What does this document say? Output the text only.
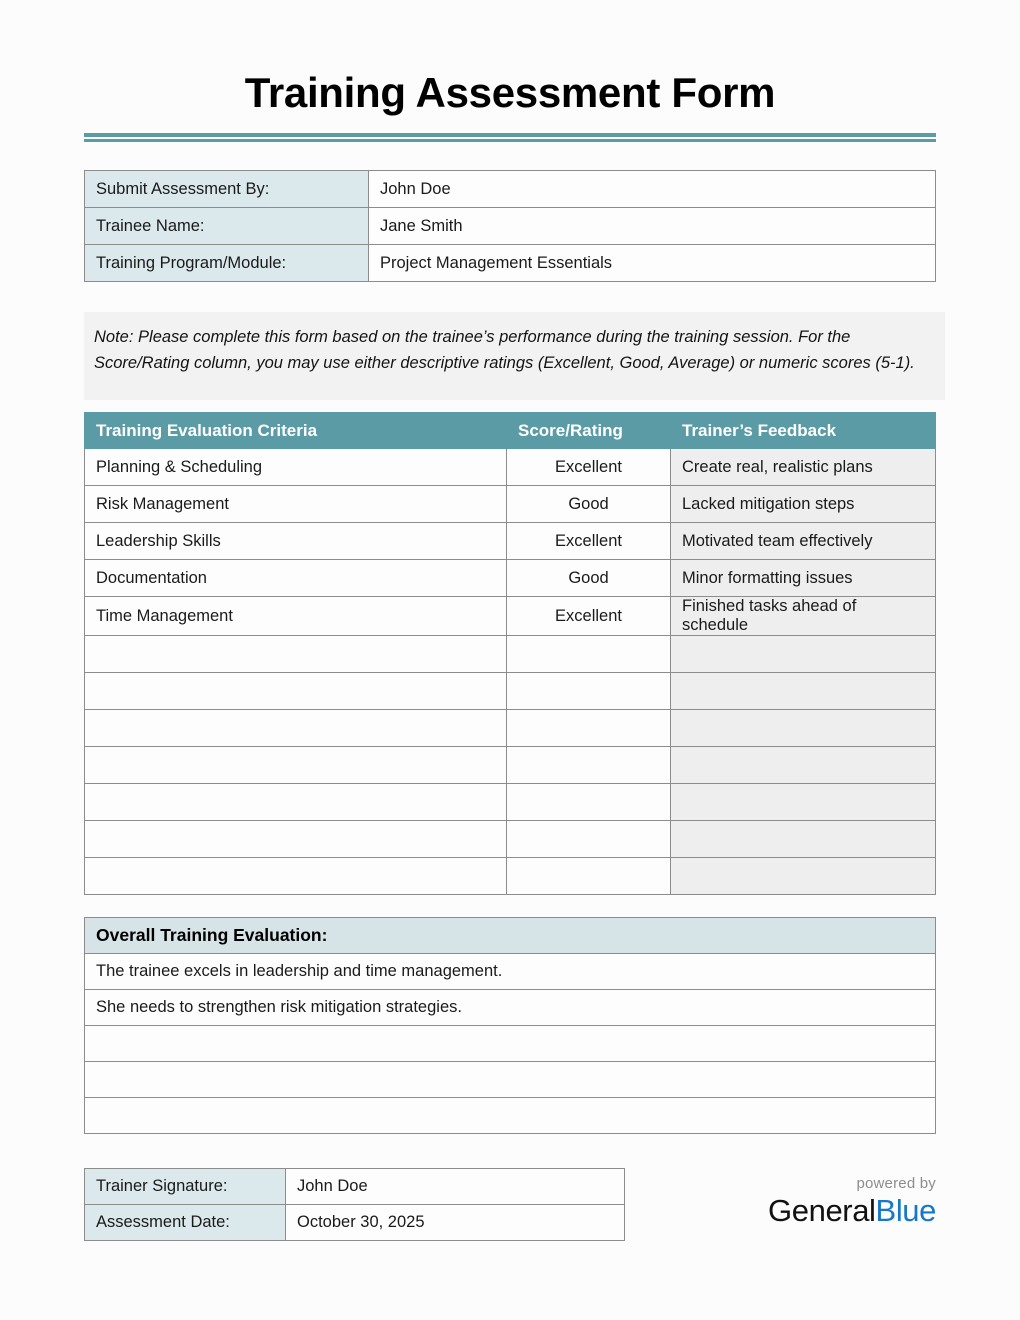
Training Assessment Form
Submit Assessment By:	John Doe
Trainee Name:	Jane Smith
Training Program/Module:	Project Management Essentials
Note: Please complete this form based on the trainee’s performance during the training session. For the Score/Rating column, you may use either descriptive ratings (Excellent, Good, Average) or numeric scores (5-1).
Training Evaluation Criteria	Score/Rating	Trainer’s Feedback
Planning & Scheduling	Excellent	Create real, realistic plans
Risk Management	Good	Lacked mitigation steps
Leadership Skills	Excellent	Motivated team effectively
Documentation	Good	Minor formatting issues
Time Management	Excellent	Finished tasks ahead of schedule

Overall Training Evaluation:
The trainee excels in leadership and time management.
She needs to strengthen risk mitigation strategies.

Trainer Signature:	John Doe
Assessment Date:	October 30, 2025
powered by
GeneralBlue
